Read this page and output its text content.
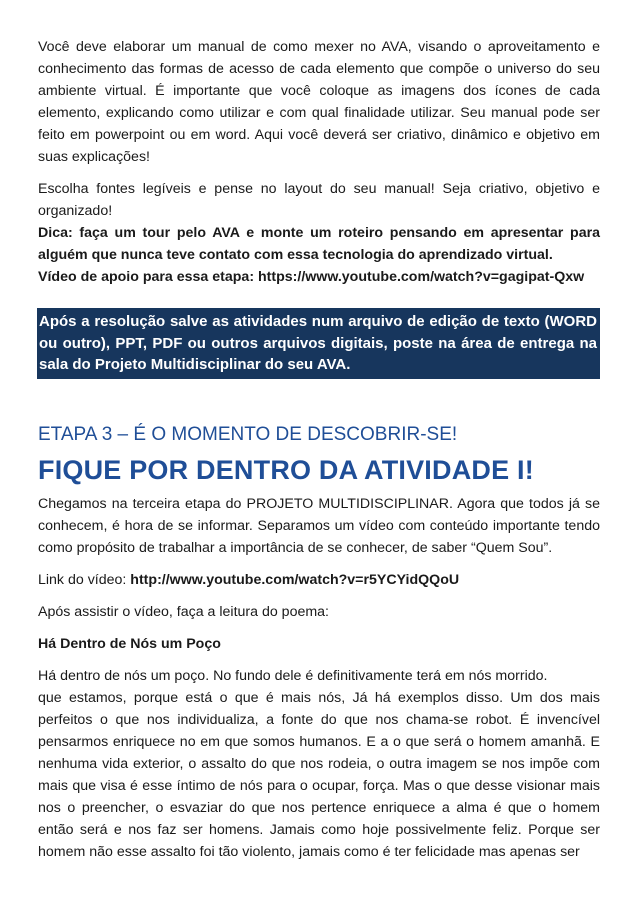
Você deve elaborar um manual de como mexer no AVA, visando o aproveitamento e conhecimento das formas de acesso de cada elemento que compõe o universo do seu ambiente virtual. É importante que você coloque as imagens dos ícones de cada elemento, explicando como utilizar e com qual finalidade utilizar. Seu manual pode ser feito em powerpoint ou em word. Aqui você deverá ser criativo, dinâmico e objetivo em suas explicações!

Escolha fontes legíveis e pense no layout do seu manual! Seja criativo, objetivo e organizado!

Dica: faça um tour pelo AVA e monte um roteiro pensando em apresentar para alguém que nunca teve contato com essa tecnologia do aprendizado virtual.

Vídeo de apoio para essa etapa: https://www.youtube.com/watch?v=gagipat-Qxw

Após a resolução salve as atividades num arquivo de edição de texto (WORD ou outro), PPT, PDF ou outros arquivos digitais, poste na área de entrega na sala do Projeto Multidisciplinar do seu AVA.
ETAPA 3 – É O MOMENTO DE DESCOBRIR-SE!
FIQUE POR DENTRO DA ATIVIDADE I!

Chegamos na terceira etapa do PROJETO MULTIDISCIPLINAR. Agora que todos já se conhecem, é hora de se informar. Separamos um vídeo com conteúdo importante tendo como propósito de trabalhar a importância de se conhecer, de saber “Quem Sou”.

Link do vídeo: http://www.youtube.com/watch?v=r5YCYidQQoU

Após assistir o vídeo, faça a leitura do poema:

Há Dentro de Nós um Poço

Há dentro de nós um poço. No fundo dele é definitivamente terá em nós morrido.

que estamos, porque está o que é mais nós, Já há exemplos disso. Um dos mais perfeitos o que nos individualiza, a fonte do que nos chama-se robot. É invencível pensarmos enriquece no em que somos humanos. E a o que será o homem amanhã. E nenhuma vida exterior, o assalto do que nos rodeia, o outra imagem se nos impõe com mais que visa é esse íntimo de nós para o ocupar, força. Mas o que desse visionar mais nos o preencher, o esvaziar do que nos pertence enriquece a alma é que o homem então será e nos faz ser homens. Jamais como hoje possivelmente feliz. Porque ser homem não esse assalto foi tão violento, jamais como é ter felicidade mas apenas ser
